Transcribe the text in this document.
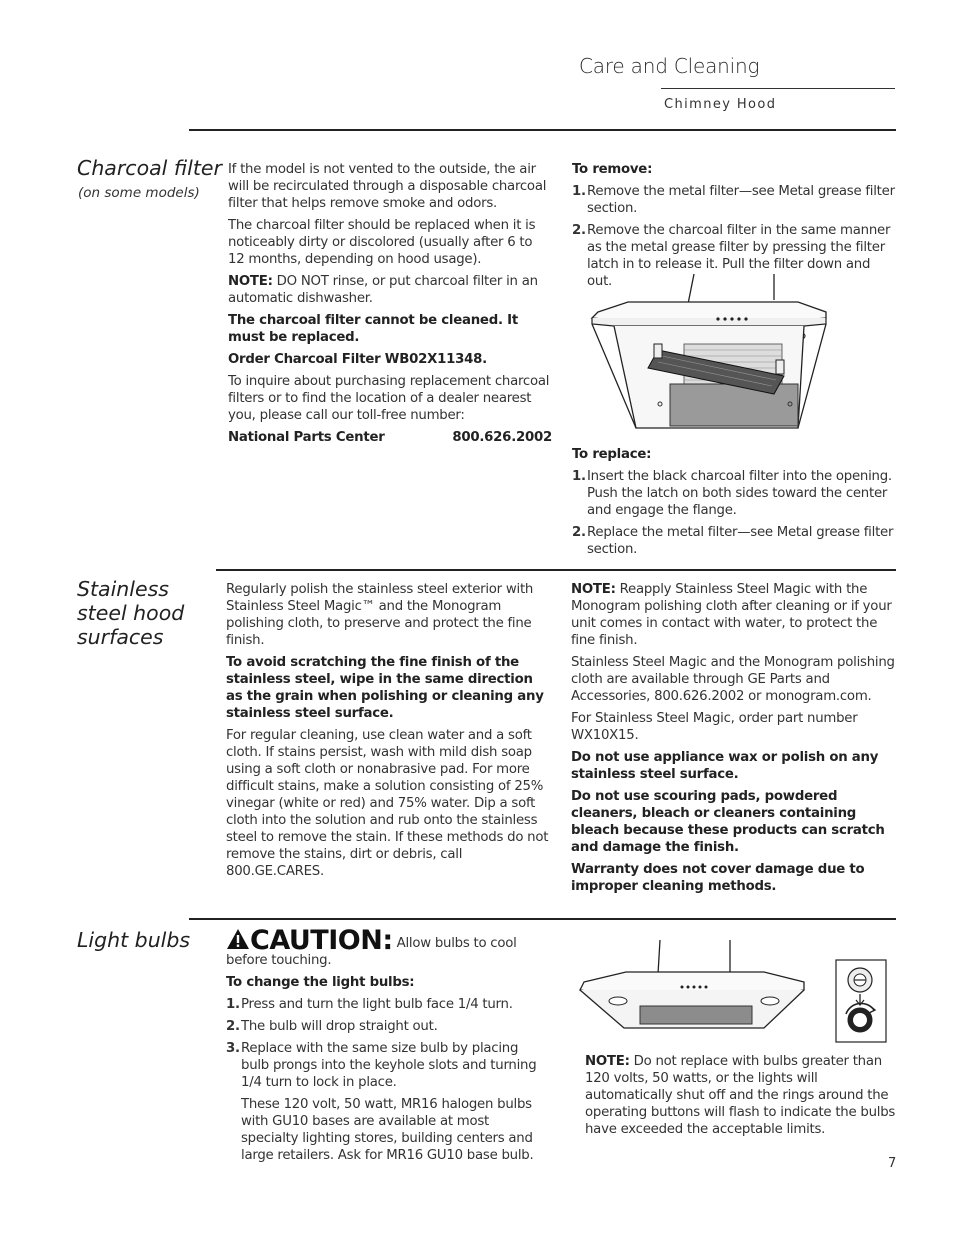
Care and Cleaning
Chimney Hood
Charcoal filter
(on some models)

If the model is not vented to the outside, the air will be recirculated through a disposable charcoal filter that helps remove smoke and odors.

The charcoal filter should be replaced when it is noticeably dirty or discolored (usually after 6 to 12 months, depending on hood usage).

NOTE: DO NOT rinse, or put charcoal filter in an automatic dishwasher.

The charcoal filter cannot be cleaned. It must be replaced.

Order Charcoal Filter WB02X11348.

To inquire about purchasing replacement charcoal filters or to find the location of a dealer nearest you, please call our toll-free number:

National Parts Center	800.626.2002

To remove:

1. Remove the metal filter—see Metal grease filter section.
2. Remove the charcoal filter in the same manner as the metal grease filter by pressing the filter latch in to release it. Pull the filter down and out.

To replace:

1. Insert the black charcoal filter into the opening. Push the latch on both sides toward the center and engage the flange.
2. Replace the metal filter—see Metal grease filter section.
Stainless
steel hood
surfaces

Regularly polish the stainless steel exterior with Stainless Steel Magic™ and the Monogram polishing cloth, to preserve and protect the fine finish.

To avoid scratching the fine finish of the stainless steel, wipe in the same direction as the grain when polishing or cleaning any stainless steel surface.

For regular cleaning, use clean water and a soft cloth. If stains persist, wash with mild dish soap using a soft cloth or nonabrasive pad. For more difficult stains, make a solution consisting of 25% vinegar (white or red) and 75% water. Dip a soft cloth into the solution and rub onto the stainless steel to remove the stain. If these methods do not remove the stains, dirt or debris, call 800.GE.CARES.

NOTE: Reapply Stainless Steel Magic with the Monogram polishing cloth after cleaning or if your unit comes in contact with water, to protect the fine finish.

Stainless Steel Magic and the Monogram polishing cloth are available through GE Parts and Accessories, 800.626.2002 or monogram.com.

For Stainless Steel Magic, order part number WX10X15.

Do not use appliance wax or polish on any stainless steel surface.

Do not use scouring pads, powdered cleaners, bleach or cleaners containing bleach because these products can scratch and damage the finish.

Warranty does not cover damage due to improper cleaning methods.

Light bulbs	CAUTION: Allow bulbs to cool before touching.

To change the light bulbs:

1. Press and turn the light bulb face 1/4 turn.
2. The bulb will drop straight out.
3. Replace with the same size bulb by placing bulb prongs into the keyhole slots and turning 1/4 turn to lock in place.
These 120 volt, 50 watt, MR16 halogen bulbs with GU10 bases are available at most specialty lighting stores, building centers and large retailers. Ask for MR16 GU10 base bulb.

NOTE: Do not replace with bulbs greater than 120 volts, 50 watts, or the lights will automatically shut off and the rings around the operating buttons will flash to indicate the bulbs have exceeded the acceptable limits.

7
